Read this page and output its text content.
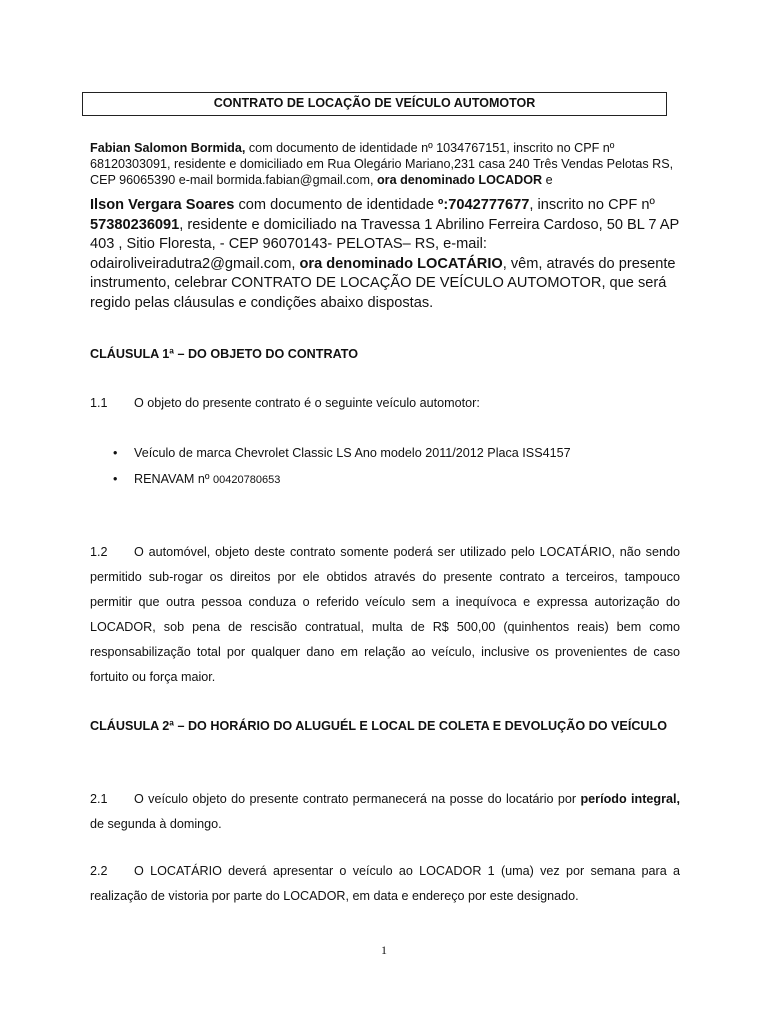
CONTRATO DE LOCAÇÃO DE VEÍCULO AUTOMOTOR
Fabian Salomon Bormida, com documento de identidade nº 1034767151, inscrito no CPF nº 68120303091, residente e domiciliado em Rua Olegário Mariano,231 casa 240 Três Vendas Pelotas RS, CEP 96065390 e-mail bormida.fabian@gmail.com, ora denominado LOCADOR e
Ilson Vergara Soares com documento de identidade º:7042777677, inscrito no CPF nº 57380236091, residente e domiciliado na Travessa 1 Abrilino Ferreira Cardoso, 50 BL 7 AP 403 , Sitio Floresta, - CEP 96070143- PELOTAS– RS, e-mail: odairoliveiradutra2@gmail.com, ora denominado LOCATÁRIO, vêm, através do presente instrumento, celebrar CONTRATO DE LOCAÇÃO DE VEÍCULO AUTOMOTOR, que será regido pelas cláusulas e condições abaixo dispostas.
CLÁUSULA 1ª – DO OBJETO DO CONTRATO
1.1 O objeto do presente contrato é o seguinte veículo automotor:
• Veículo de marca Chevrolet Classic LS Ano modelo 2011/2012 Placa ISS4157
• RENAVAM nº 00420780653
1.2 O automóvel, objeto deste contrato somente poderá ser utilizado pelo LOCATÁRIO, não sendo permitido sub-rogar os direitos por ele obtidos através do presente contrato a terceiros, tampouco permitir que outra pessoa conduza o referido veículo sem a inequívoca e expressa autorização do LOCADOR, sob pena de rescisão contratual, multa de R$ 500,00 (quinhentos reais) bem como responsabilização total por qualquer dano em relação ao veículo, inclusive os provenientes de caso fortuito ou força maior.
CLÁUSULA 2ª – DO HORÁRIO DO ALUGUÉL E LOCAL DE COLETA E DEVOLUÇÃO DO VEÍCULO
2.1 O veículo objeto do presente contrato permanecerá na posse do locatário por período integral, de segunda à domingo.
2.2 O LOCATÁRIO deverá apresentar o veículo ao LOCADOR 1 (uma) vez por semana para a realização de vistoria por parte do LOCADOR, em data e endereço por este designado.
1
